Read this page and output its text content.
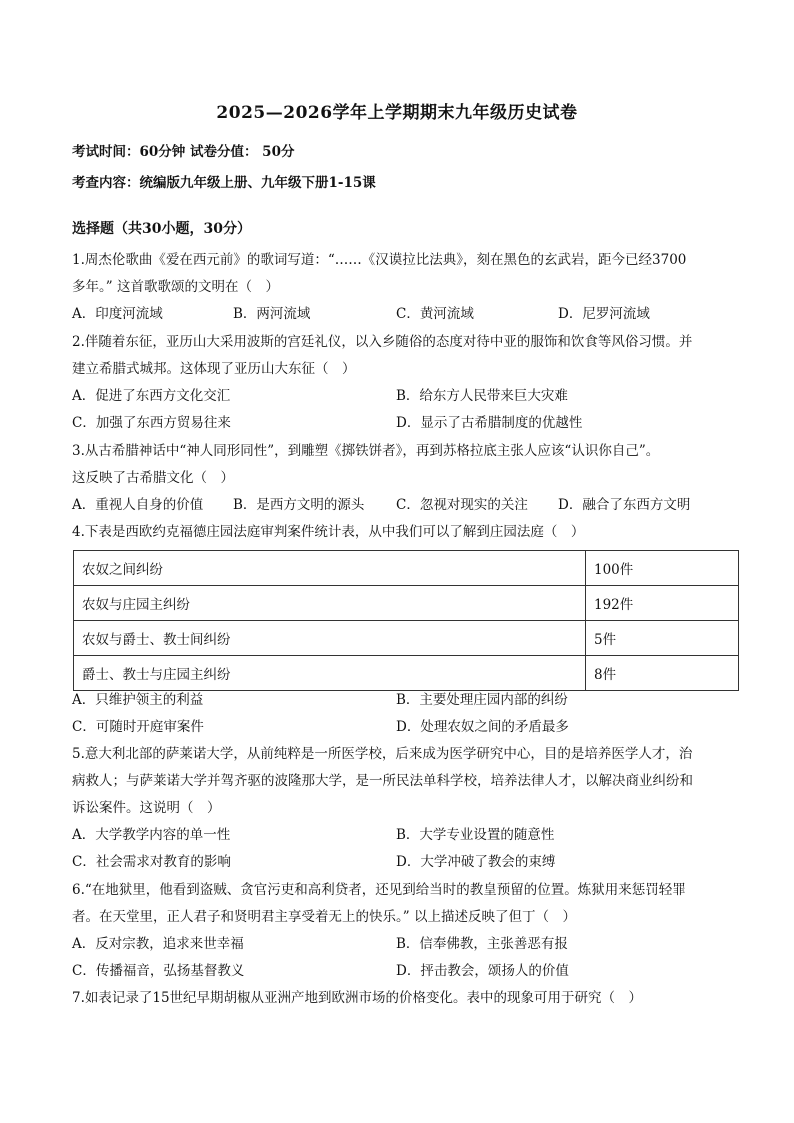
2025—2026学年上学期期末九年级历史试卷
考试时间：60分钟 试卷分值： 50分
考查内容：统编版九年级上册、九年级下册1-15课
选择题（共30小题，30分）
1.周杰伦歌曲《爱在西元前》的歌词写道：“……《汉谟拉比法典》，刻在黑色的玄武岩，距今已经3700
多年。” 这首歌歌颂的文明在（　）
A．印度河流域	B．两河流域	C．黄河流域	D．尼罗河流域
2.伴随着东征，亚历山大采用波斯的宫廷礼仪，以入乡随俗的态度对待中亚的服饰和饮食等风俗习惯。并
建立希腊式城邦。这体现了亚历山大东征（　）
A．促进了东西方文化交汇	B．给东方人民带来巨大灾难
C．加强了东西方贸易往来	D．显示了古希腊制度的优越性
3.从古希腊神话中“神人同形同性”，到雕塑《掷铁饼者》，再到苏格拉底主张人应该“认识你自己”。
这反映了古希腊文化（　）
A．重视人自身的价值 B．是西方文明的源头 C．忽视对现实的关注 D．融合了东西方文明
4.下表是西欧约克福德庄园法庭审判案件统计表，从中我们可以了解到庄园法庭（　）
农奴之间纠纷	100件
农奴与庄园主纠纷	192件
农奴与爵士、教士间纠纷	5件
爵士、教士与庄园主纠纷	8件
A．只维护领主的利益	B．主要处理庄园内部的纠纷
C．可随时开庭审案件	D．处理农奴之间的矛盾最多
5.意大利北部的萨莱诺大学，从前纯粹是一所医学校，后来成为医学研究中心，目的是培养医学人才，治
病救人；与萨莱诺大学并驾齐驱的波隆那大学，是一所民法单科学校，培养法律人才，以解决商业纠纷和
诉讼案件。这说明（　）
A．大学教学内容的单一性	B．大学专业设置的随意性
C．社会需求对教育的影响	D．大学冲破了教会的束缚
6.“在地狱里，他看到盗贼、贪官污吏和高利贷者，还见到给当时的教皇预留的位置。炼狱用来惩罚轻罪
者。在天堂里，正人君子和贤明君主享受着无上的快乐。” 以上描述反映了但丁（　）
A．反对宗教，追求来世幸福	B．信奉佛教，主张善恶有报
C．传播福音，弘扬基督教义	D．抨击教会，颂扬人的价值
7.如表记录了15世纪早期胡椒从亚洲产地到欧洲市场的价格变化。表中的现象可用于研究（　）
